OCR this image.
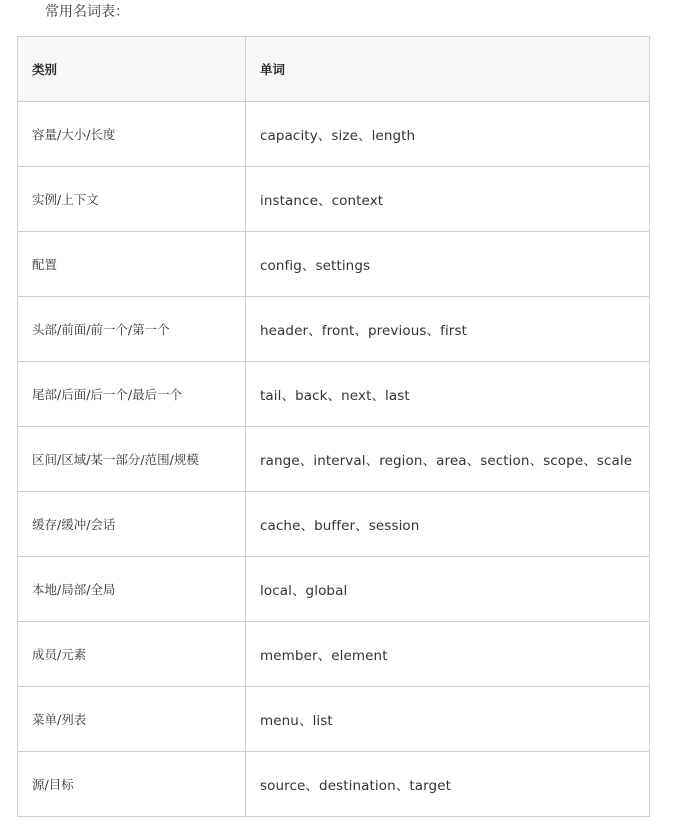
常用名词表：
类别	单词
容量/大小/长度	capacity、size、length
实例/上下文	instance、context
配置	config、settings
头部/前面/前一个/第一个	header、front、previous、first
尾部/后面/后一个/最后一个	tail、back、next、last
区间/区域/某一部分/范围/规模	range、interval、region、area、section、scope、scale
缓存/缓冲/会话	cache、buffer、session
本地/局部/全局	local、global
成员/元素	member、element
菜单/列表	menu、list
源/目标	source、destination、target
